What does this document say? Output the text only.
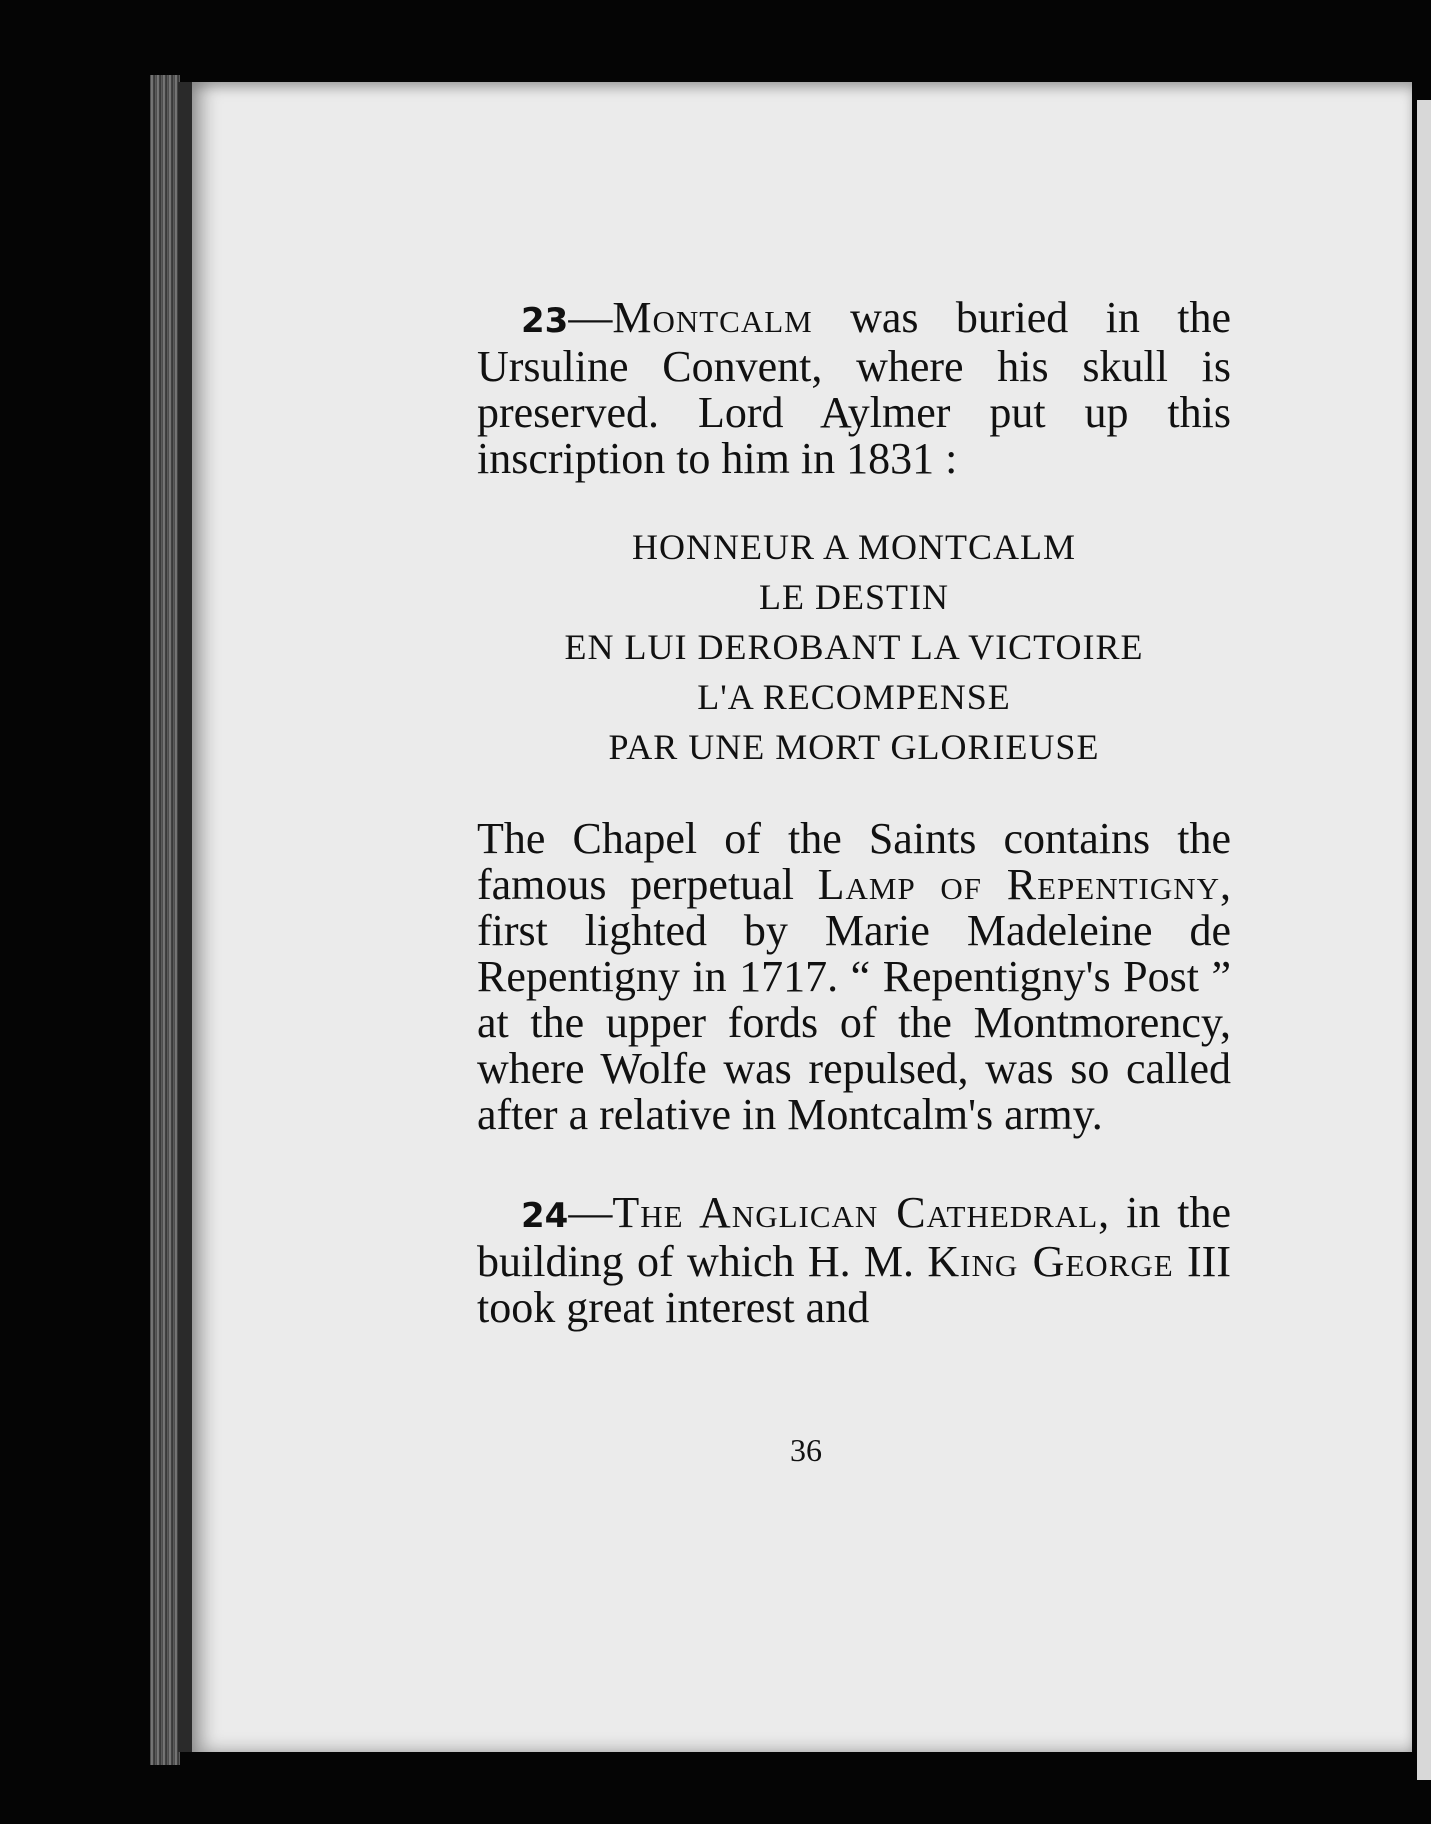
23—Montcalm was buried in the Ursuline Convent, where his skull is preserved. Lord Aylmer put up this inscription to him in 1831 :

HONNEUR A MONTCALM
LE DESTIN
EN LUI DEROBANT LA VICTOIRE
L'A RECOMPENSE
PAR UNE MORT GLORIEUSE

The Chapel of the Saints contains the famous perpetual Lamp of Repentigny, first lighted by Marie Madeleine de Repentigny in 1717. “ Repentigny's Post ” at the upper fords of the Montmorency, where Wolfe was repulsed, was so called after a relative in Montcalm's army.

24—The Anglican Cathedral, in the building of which H. M. King George III took great interest and

36
